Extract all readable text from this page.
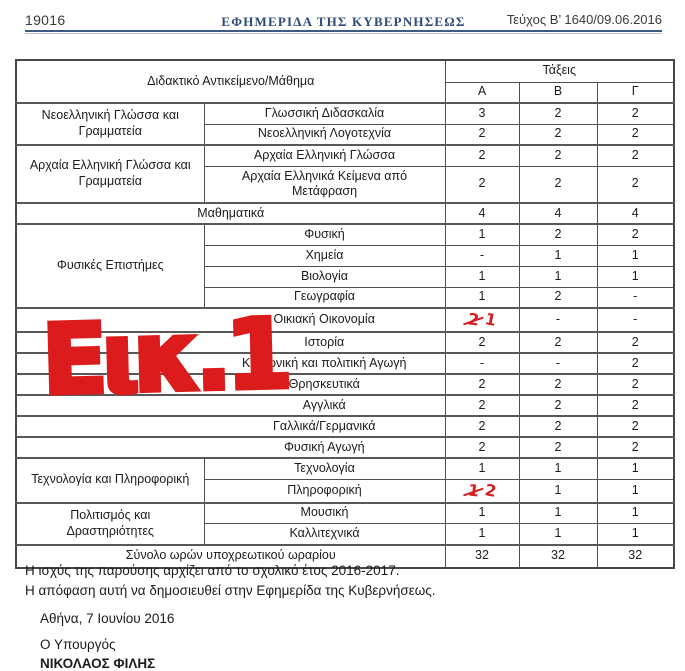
19016	ΕΦΗΜΕΡΙΔΑ ΤΗΣ ΚΥΒΕΡΝΗΣΕΩΣ	Τεύχος Β’ 1640/09.06.2016
Διδακτικό Αντικείμενο/Μάθημα		Τάξεις		
		Α	Β	Γ
Νεοελληνική Γλώσσα και Γραμματεία	Γλωσσική Διδασκαλία	3	2	2
	Νεοελληνική Λογοτεχνία	2	2	2
Αρχαία Ελληνική Γλώσσα και Γραμματεία	Αρχαία Ελληνική Γλώσσα	2	2	2
	Αρχαία Ελληνικά Κείμενα από Μετάφραση	2	2	2
Μαθηματικά		4	4	4
Φυσικές Επιστήμες	Φυσική	1	2	2
	Χημεία	-	1	1
	Βιολογία	1	1	1
	Γεωγραφία	1	2	-
	Οικιακή Οικονομία	2 1	-	-
	Ιστορία	2	2	2
	Κοινωνική και πολιτική Αγωγή	-	-	2
	Θρησκευτικά	2	2	2
	Αγγλικά	2	2	2
	Γαλλικά/Γερμανικά	2	2	2
	Φυσική Αγωγή	2	2	2
Τεχνολογία και Πληροφορική	Τεχνολογία	1	1	1
	Πληροφορική	1 2	1	1
Πολιτισμός και Δραστηριότητες	Μουσική	1	1	1
	Καλλιτεχνικά	1	1	1
Σύνολο ωρών υποχρεωτικού ωραρίου		32	32	32
Εικ.1

Η ισχύς της παρούσης αρχίζει από το σχολικό έτος 2016-2017.

Η απόφαση αυτή να δημοσιευθεί στην Εφημερίδα της Κυβερνήσεως.

Αθήνα, 7 Ιουνίου 2016

Ο Υπουργός

ΝΙΚΟΛΑΟΣ ΦΙΛΗΣ
